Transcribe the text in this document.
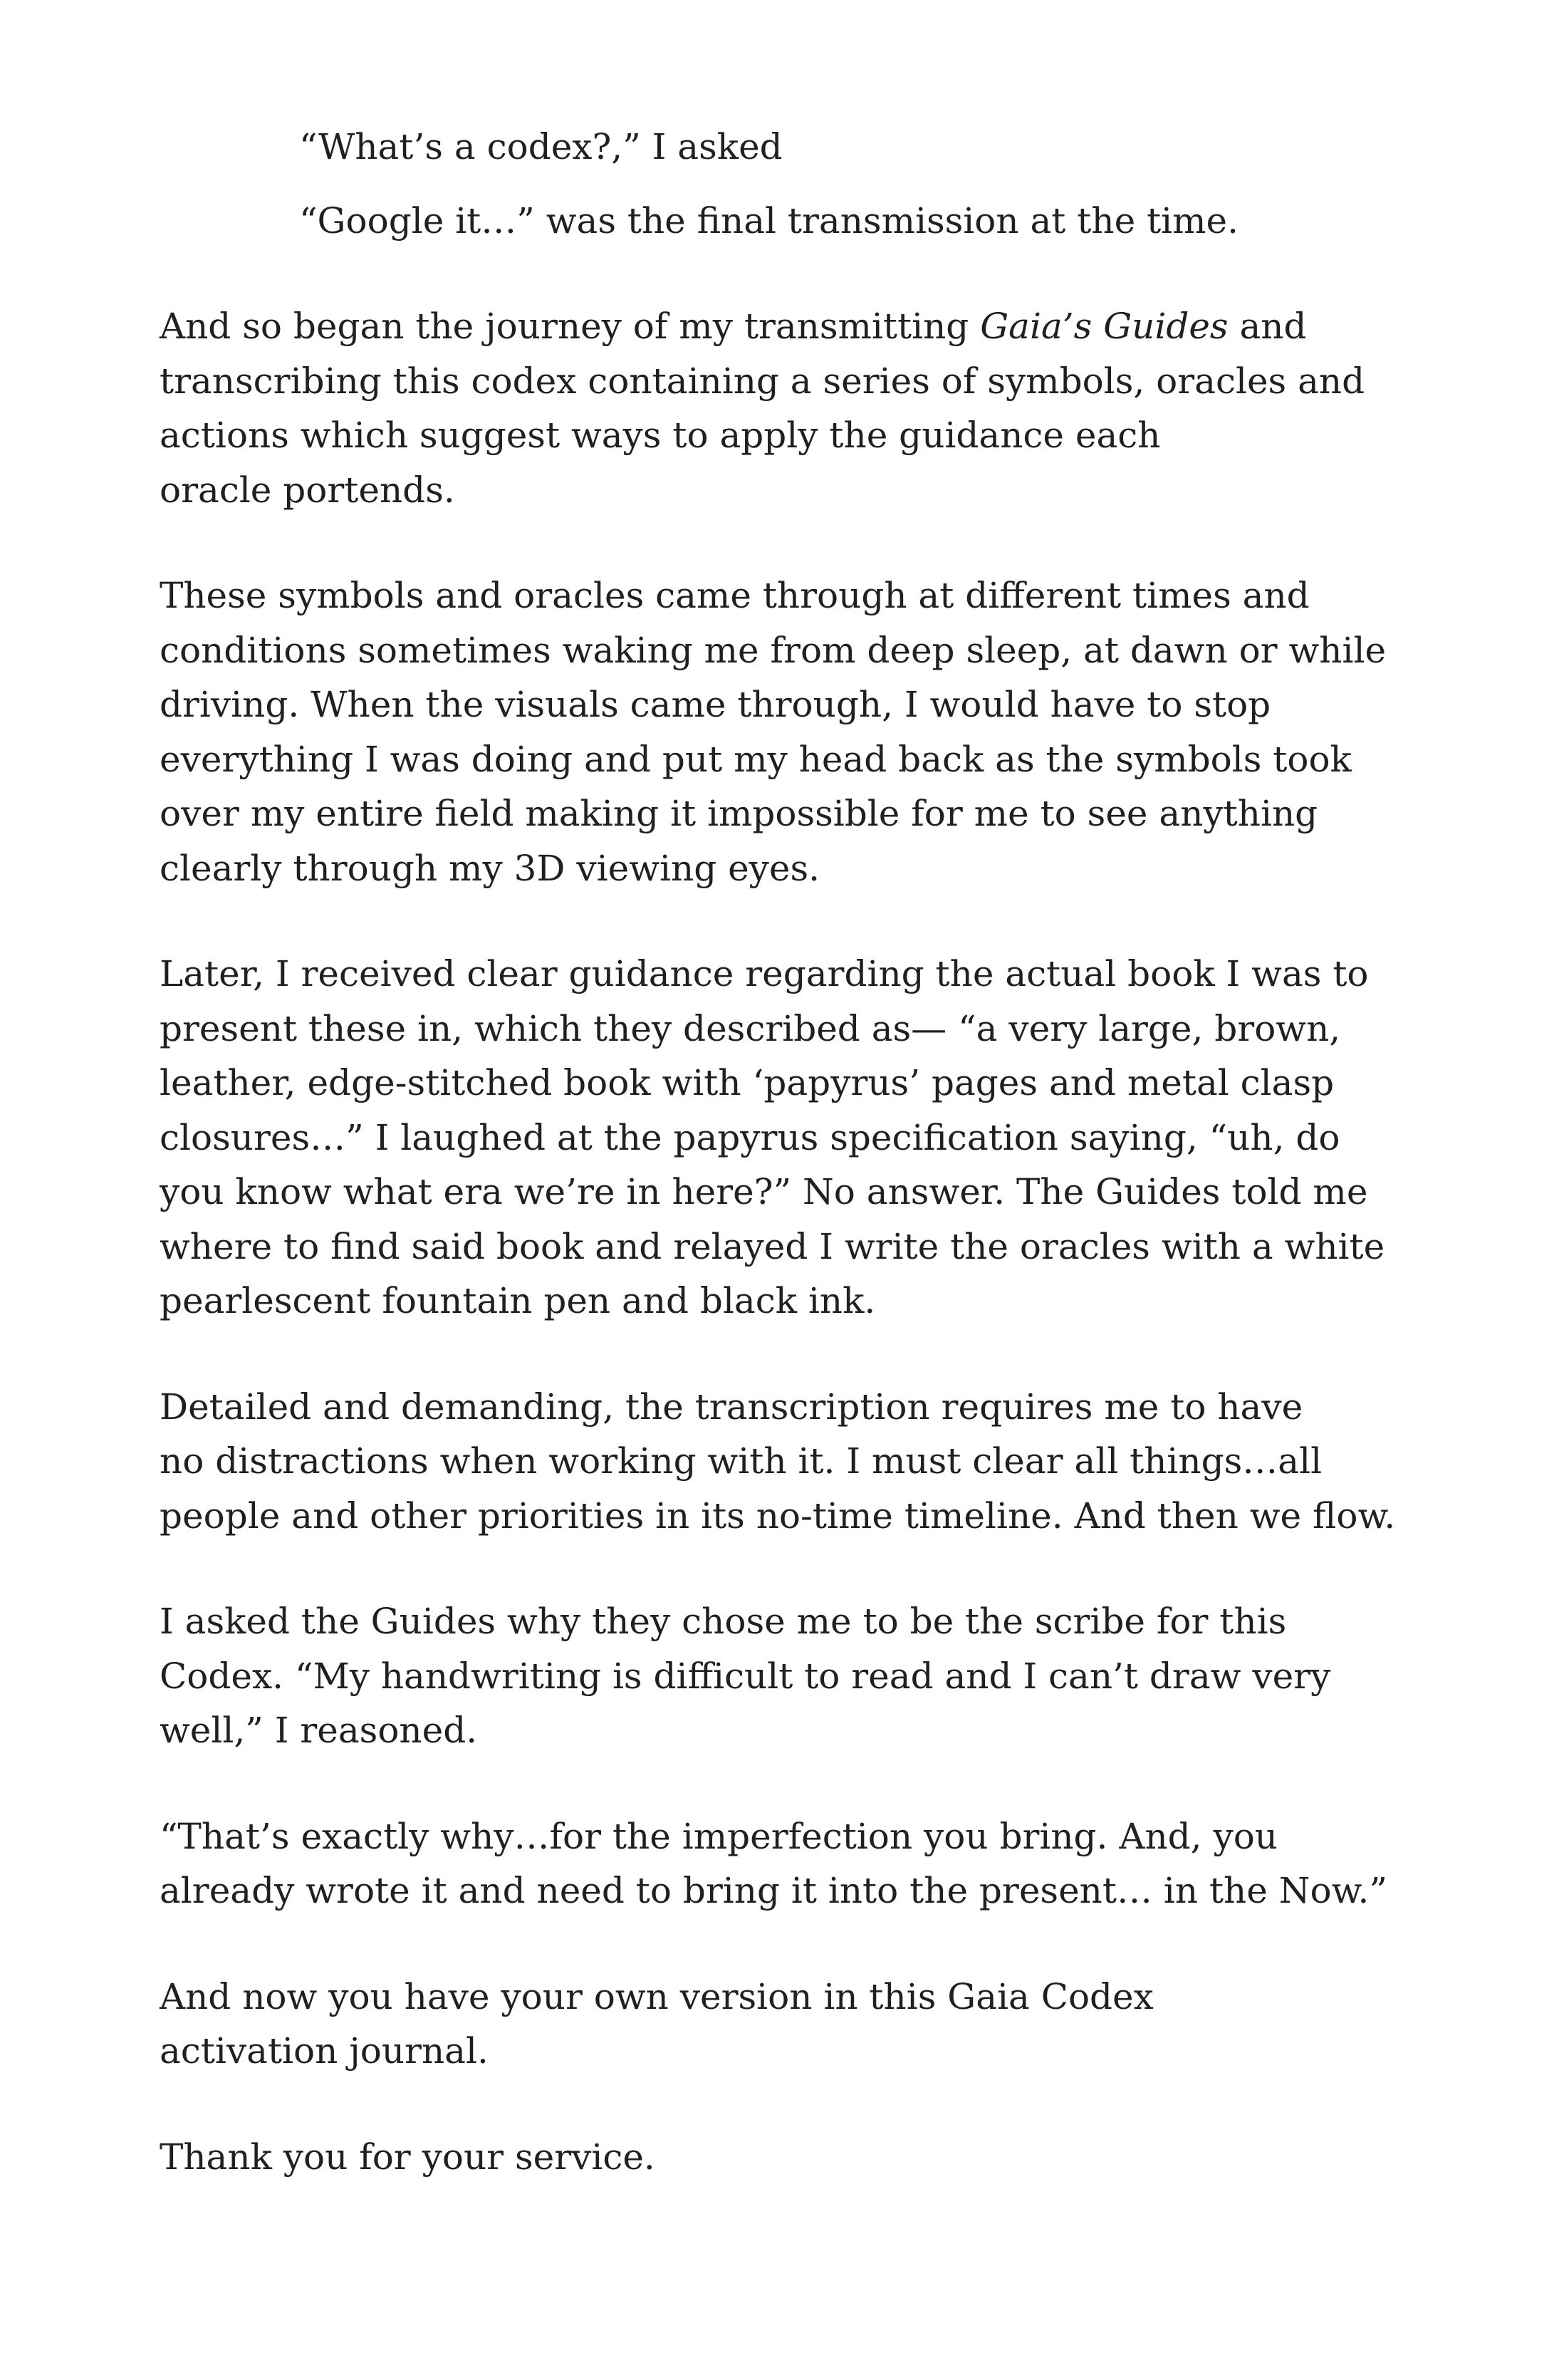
“What’s a codex?,” I asked
“Google it…” was the final transmission at the time.
And so began the journey of my transmitting Gaia’s Guides and
transcribing this codex containing a series of symbols, oracles and
actions which suggest ways to apply the guidance each
oracle portends.
These symbols and oracles came through at different times and
conditions sometimes waking me from deep sleep, at dawn or while
driving. When the visuals came through, I would have to stop
everything I was doing and put my head back as the symbols took
over my entire field making it impossible for me to see anything
clearly through my 3D viewing eyes.
Later, I received clear guidance regarding the actual book I was to
present these in, which they described as— “a very large, brown,
leather, edge-stitched book with ‘papyrus’ pages and metal clasp
closures…” I laughed at the papyrus specification saying, “uh, do
you know what era we’re in here?” No answer. The Guides told me
where to find said book and relayed I write the oracles with a white
pearlescent fountain pen and black ink.
Detailed and demanding, the transcription requires me to have
no distractions when working with it. I must clear all things…all
people and other priorities in its no-time timeline. And then we flow.
I asked the Guides why they chose me to be the scribe for this
Codex. “My handwriting is difficult to read and I can’t draw very
well,” I reasoned.
“That’s exactly why…for the imperfection you bring. And, you
already wrote it and need to bring it into the present… in the Now.”
And now you have your own version in this Gaia Codex
activation journal.
Thank you for your service.
